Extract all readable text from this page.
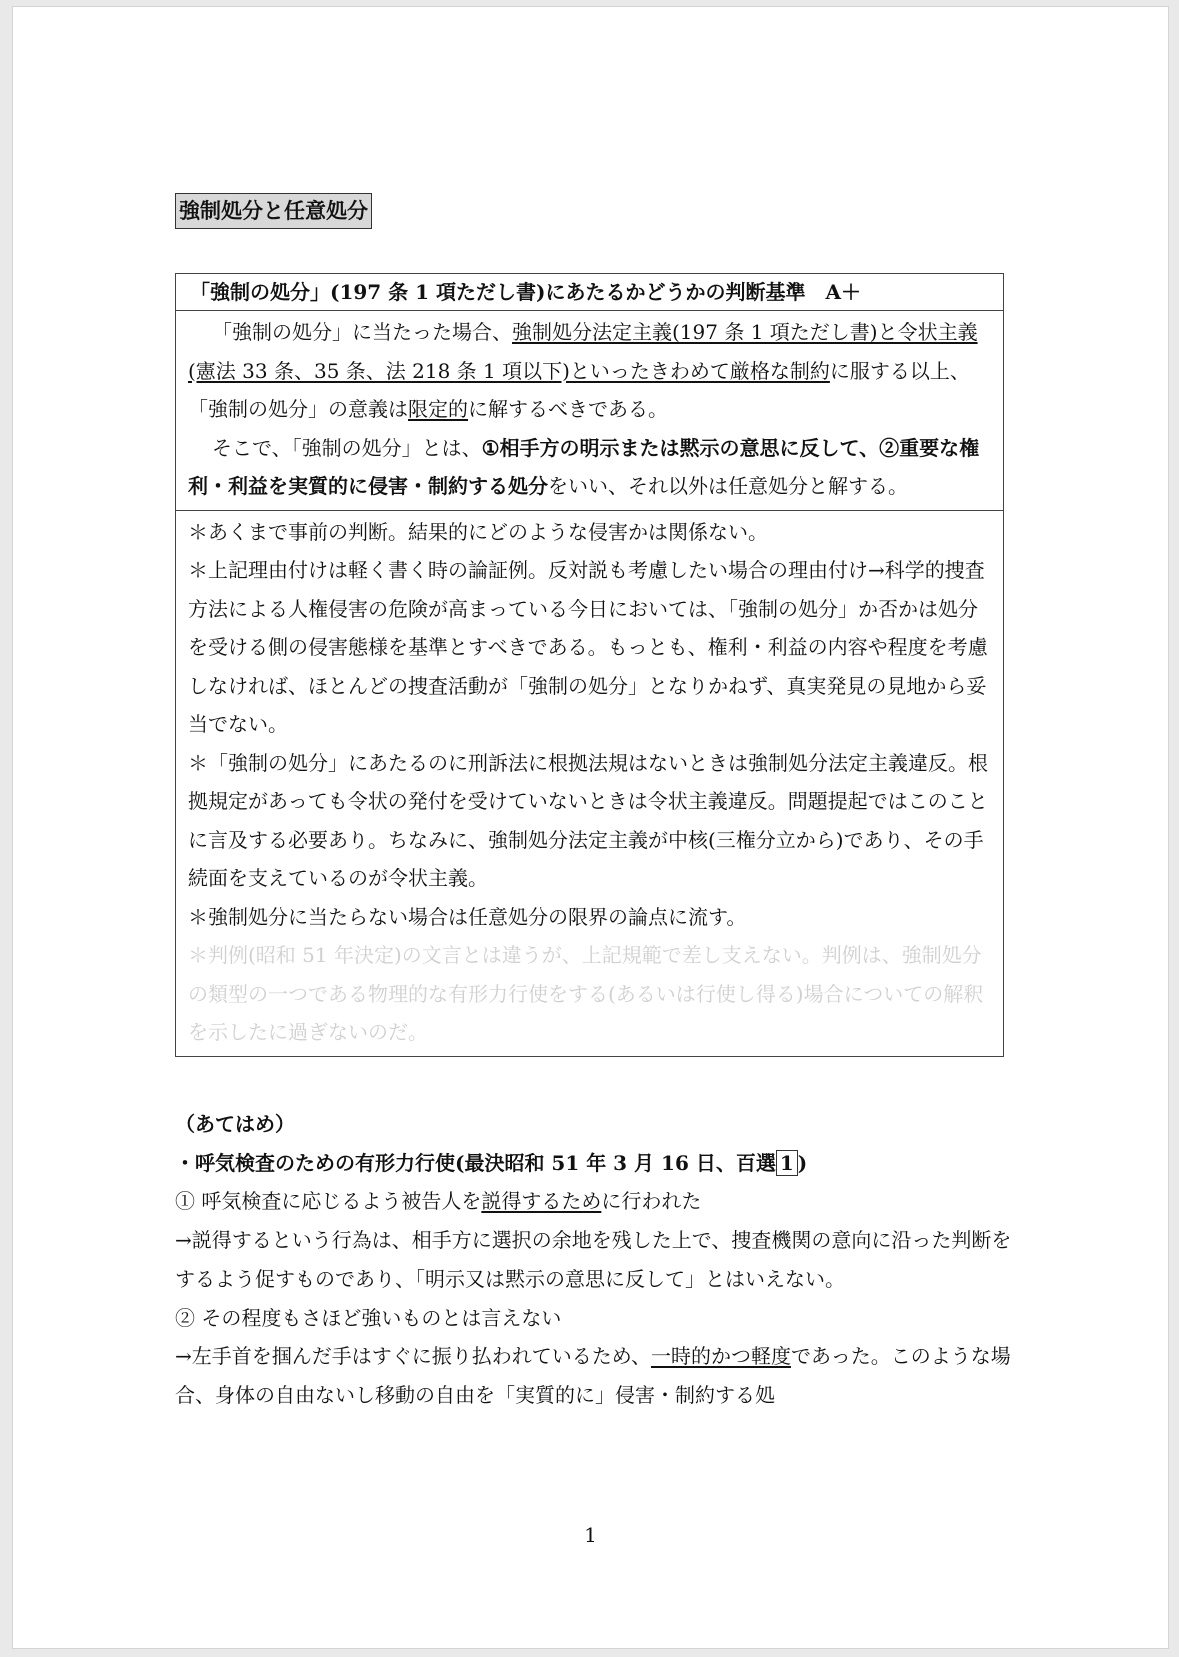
強制処分と任意処分
「強制の処分」(197 条 1 項ただし書)にあたるかどうかの判断基準　A＋

「強制の処分」に当たった場合、強制処分法定主義(197 条 1 項ただし書)と令状主義(憲法 33 条、35 条、法 218 条 1 項以下)といったきわめて厳格な制約に服する以上、「強制の処分」の意義は限定的に解するべきである。

そこで、「強制の処分」とは、①相手方の明示または黙示の意思に反して、②重要な権利・利益を実質的に侵害・制約する処分をいい、それ以外は任意処分と解する。

＊あくまで事前の判断。結果的にどのような侵害かは関係ない。

＊上記理由付けは軽く書く時の論証例。反対説も考慮したい場合の理由付け→科学的捜査方法による人権侵害の危険が高まっている今日においては、「強制の処分」か否かは処分を受ける側の侵害態様を基準とすべきである。もっとも、権利・利益の内容や程度を考慮しなければ、ほとんどの捜査活動が「強制の処分」となりかねず、真実発見の見地から妥当でない。

＊「強制の処分」にあたるのに刑訴法に根拠法規はないときは強制処分法定主義違反。根拠規定があっても令状の発付を受けていないときは令状主義違反。問題提起ではこのことに言及する必要あり。ちなみに、強制処分法定主義が中核(三権分立から)であり、その手続面を支えているのが令状主義。

＊強制処分に当たらない場合は任意処分の限界の論点に流す。

＊判例(昭和 51 年決定)の文言とは違うが、上記規範で差し支えない。判例は、強制処分の類型の一つである物理的な有形力行使をする(あるいは行使し得る)場合についての解釈を示したに過ぎないのだ。

（あてはめ）

・呼気検査のための有形力行使(最決昭和 51 年 3 月 16 日、百選 1 )

① 呼気検査に応じるよう被告人を説得するために行われた

→説得するという行為は、相手方に選択の余地を残した上で、捜査機関の意向に沿った判断をするよう促すものであり、「明示又は黙示の意思に反して」とはいえない。

② その程度もさほど強いものとは言えない

→左手首を掴んだ手はすぐに振り払われているため、一時的かつ軽度であった。このような場合、身体の自由ないし移動の自由を「実質的に」侵害・制約する処

1
